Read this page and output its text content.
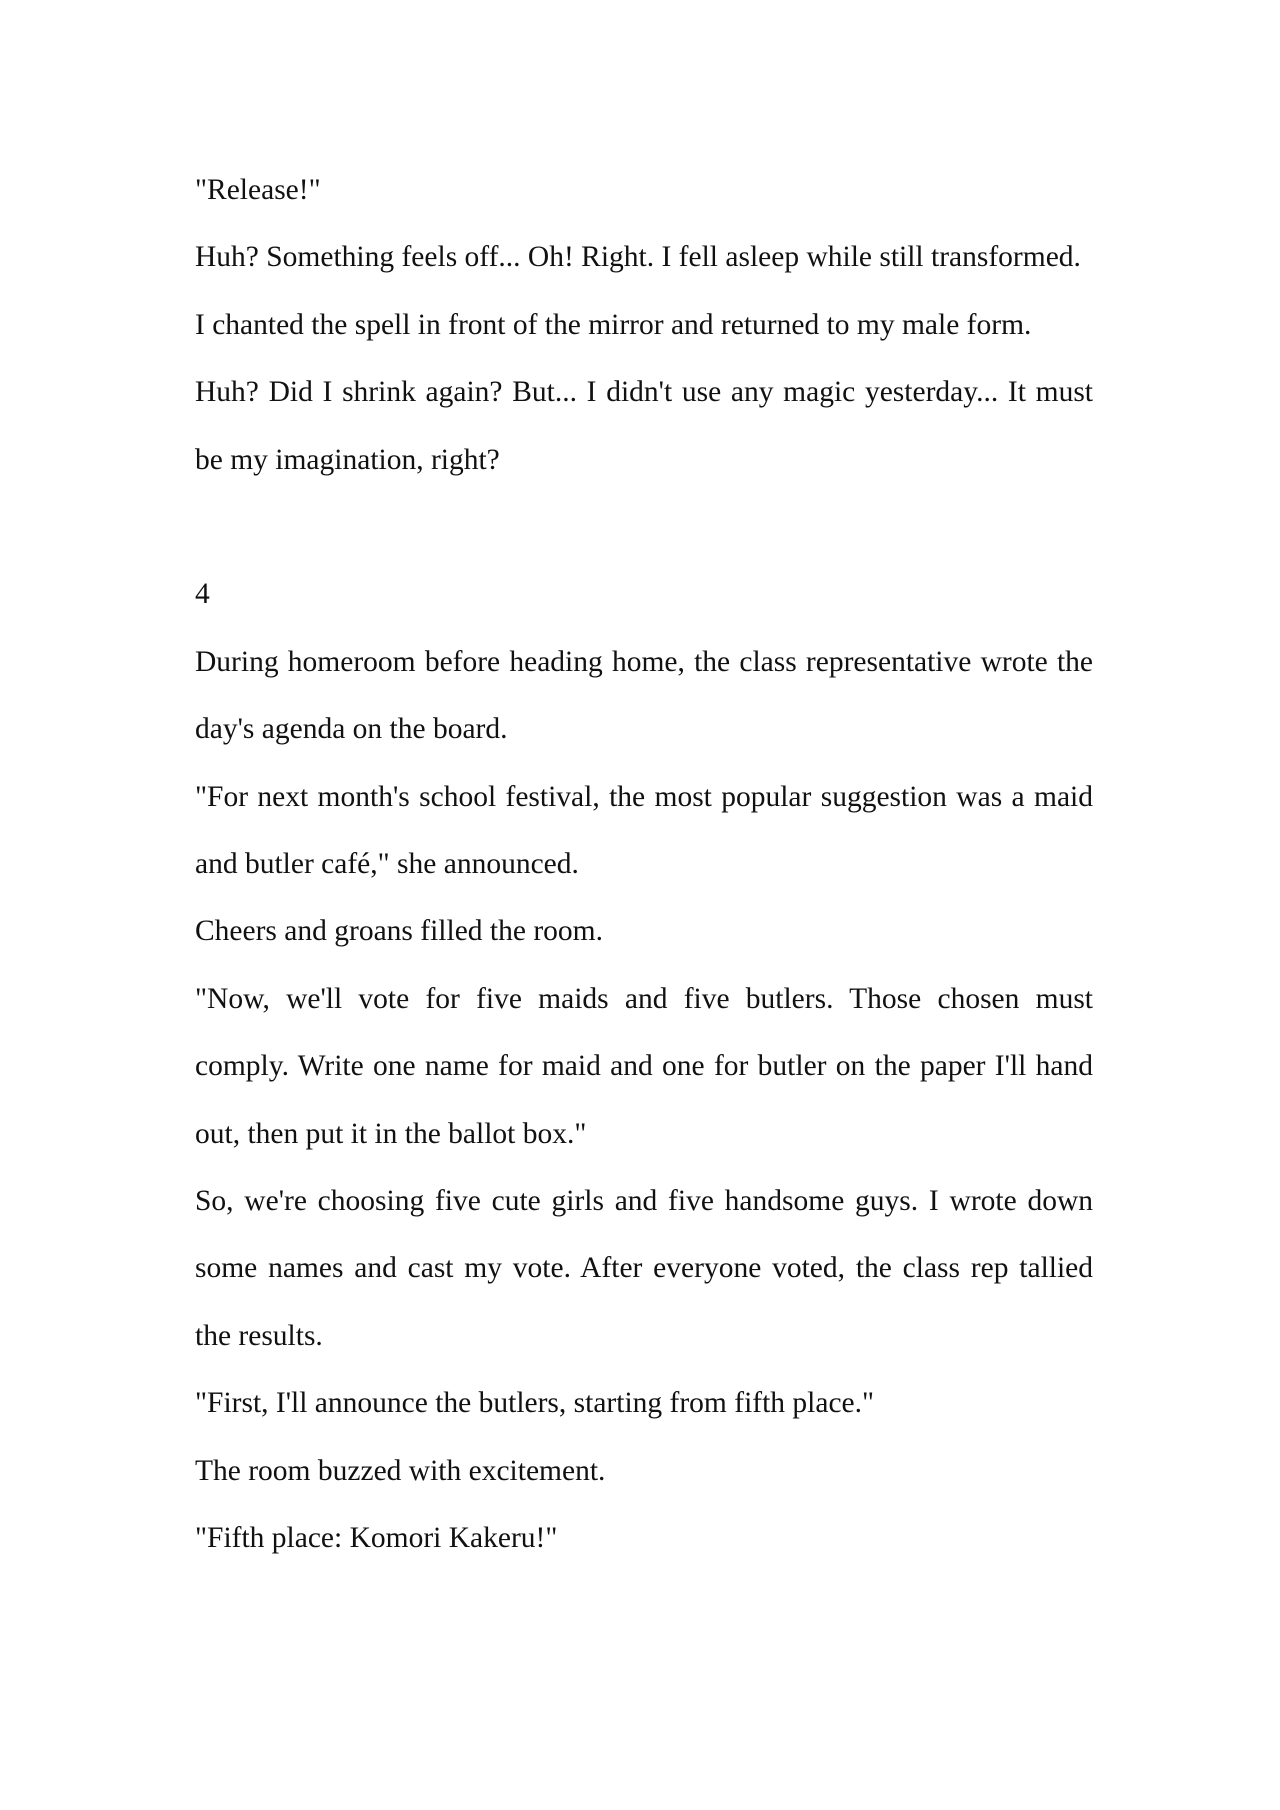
"Release!"

Huh? Something feels off... Oh! Right. I fell asleep while still transformed.

I chanted the spell in front of the mirror and returned to my male form.

Huh? Did I shrink again? But... I didn't use any magic yesterday... It must be my imagination, right?

4

During homeroom before heading home, the class representative wrote the day's agenda on the board.

"For next month's school festival, the most popular suggestion was a maid and butler café," she announced.

Cheers and groans filled the room.

"Now, we'll vote for five maids and five butlers. Those chosen must comply. Write one name for maid and one for butler on the paper I'll hand out, then put it in the ballot box."

So, we're choosing five cute girls and five handsome guys. I wrote down some names and cast my vote. After everyone voted, the class rep tallied the results.

"First, I'll announce the butlers, starting from fifth place."

The room buzzed with excitement.

"Fifth place: Komori Kakeru!"
